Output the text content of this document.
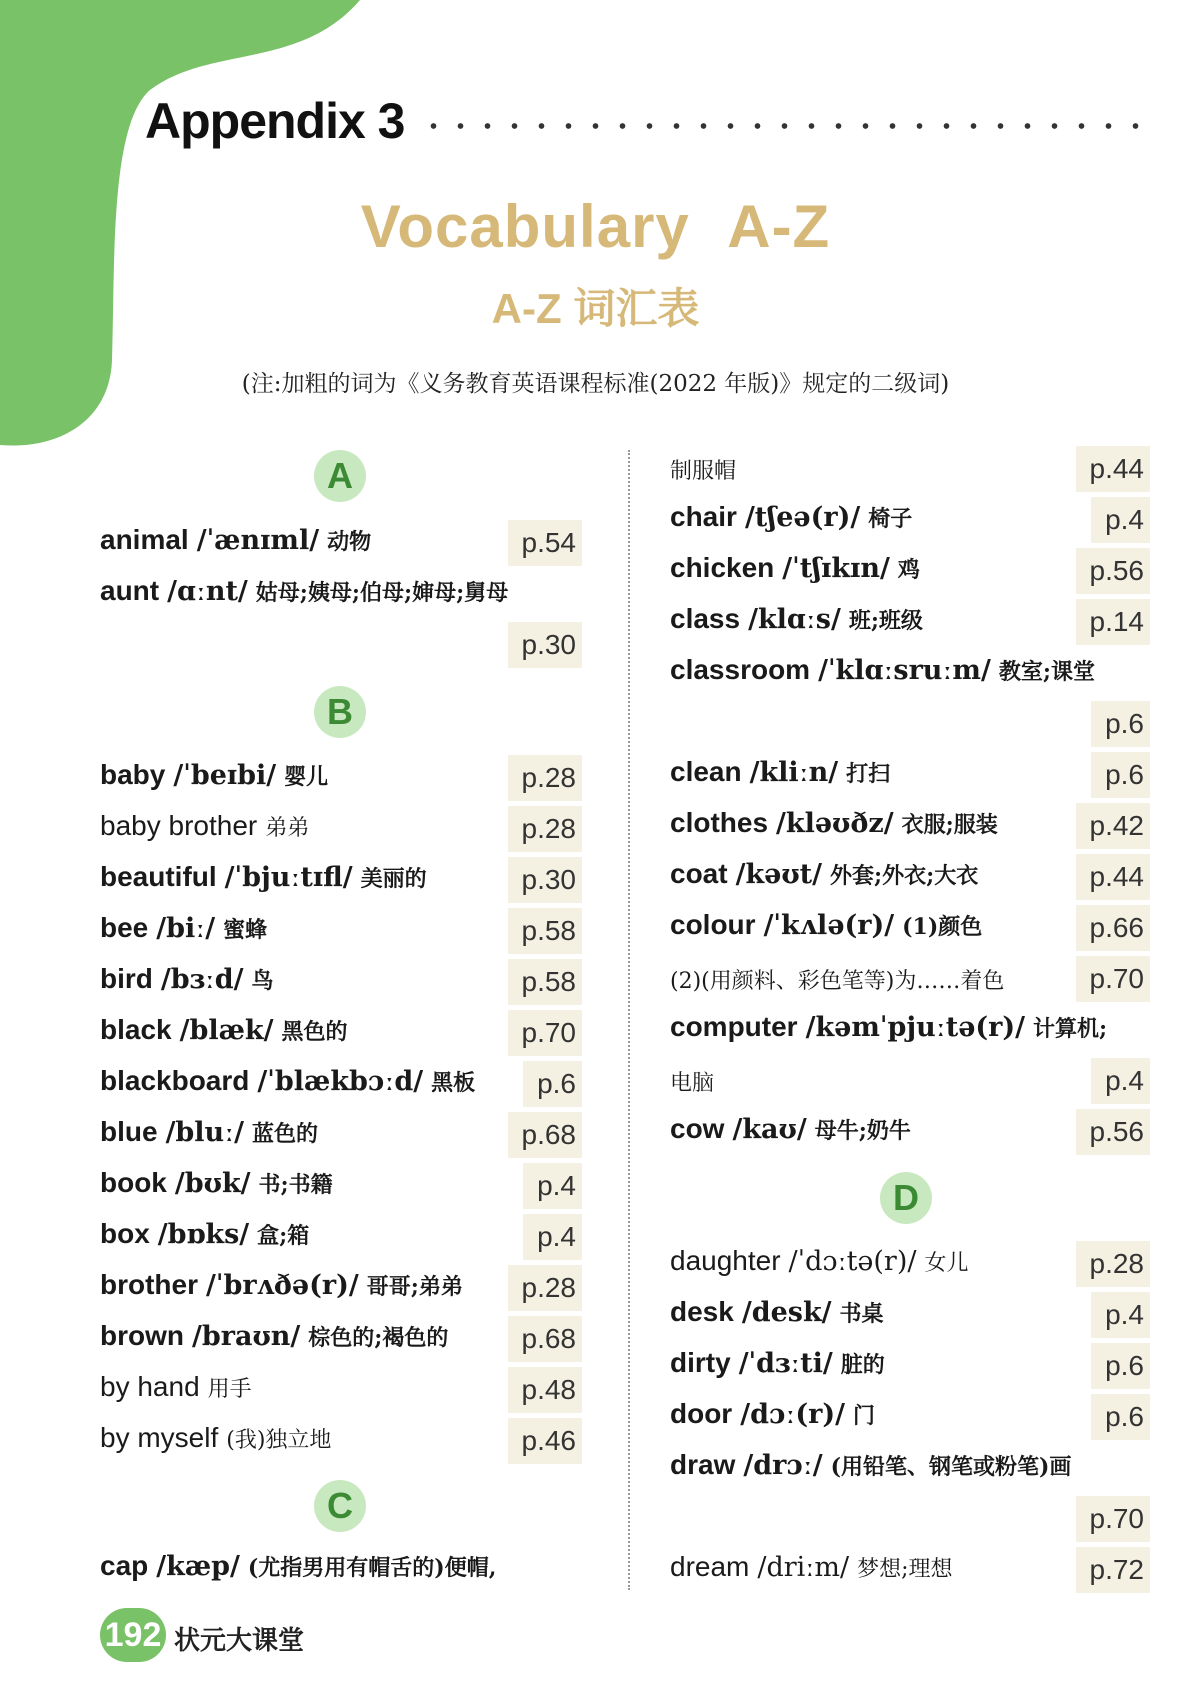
Appendix 3
Vocabulary A-Z
A-Z 词汇表
(注:加粗的词为《义务教育英语课程标准(2022 年版)》规定的二级词)
A
animal /ˈænɪml/ 动物	p.54
aunt /ɑːnt/ 姑母;姨母;伯母;婶母;舅母
p.30
B
baby /ˈbeɪbi/ 婴儿	p.28
baby brother 弟弟	p.28
beautiful /ˈbjuːtɪfl/ 美丽的	p.30
bee /biː/ 蜜蜂	p.58
bird /bɜːd/ 鸟	p.58
black /blæk/ 黑色的	p.70
blackboard /ˈblækbɔːd/ 黑板	p.6
blue /bluː/ 蓝色的	p.68
book /bʊk/ 书;书籍	p.4
box /bɒks/ 盒;箱	p.4
brother /ˈbrʌðə(r)/ 哥哥;弟弟	p.28
brown /braʊn/ 棕色的;褐色的	p.68
by hand 用手	p.48
by myself (我)独立地	p.46
C
cap /kæp/ (尤指男用有帽舌的)便帽,
制服帽	p.44
chair /tʃeə(r)/ 椅子	p.4
chicken /ˈtʃɪkɪn/ 鸡	p.56
class /klɑːs/ 班;班级	p.14
classroom /ˈklɑːsruːm/ 教室;课堂
p.6
clean /kliːn/ 打扫	p.6
clothes /kləʊðz/ 衣服;服装	p.42
coat /kəʊt/ 外套;外衣;大衣	p.44
colour /ˈkʌlə(r)/ (1)颜色	p.66
(2)(用颜料、彩色笔等)为……着色	p.70
computer /kəmˈpjuːtə(r)/ 计算机;
电脑	p.4
cow /kaʊ/ 母牛;奶牛	p.56
D
daughter /ˈdɔːtə(r)/ 女儿	p.28
desk /desk/ 书桌	p.4
dirty /ˈdɜːti/ 脏的	p.6
door /dɔː(r)/ 门	p.6
draw /drɔː/ (用铅笔、钢笔或粉笔)画
p.70
dream /driːm/ 梦想;理想	p.72
192 状元大课堂
